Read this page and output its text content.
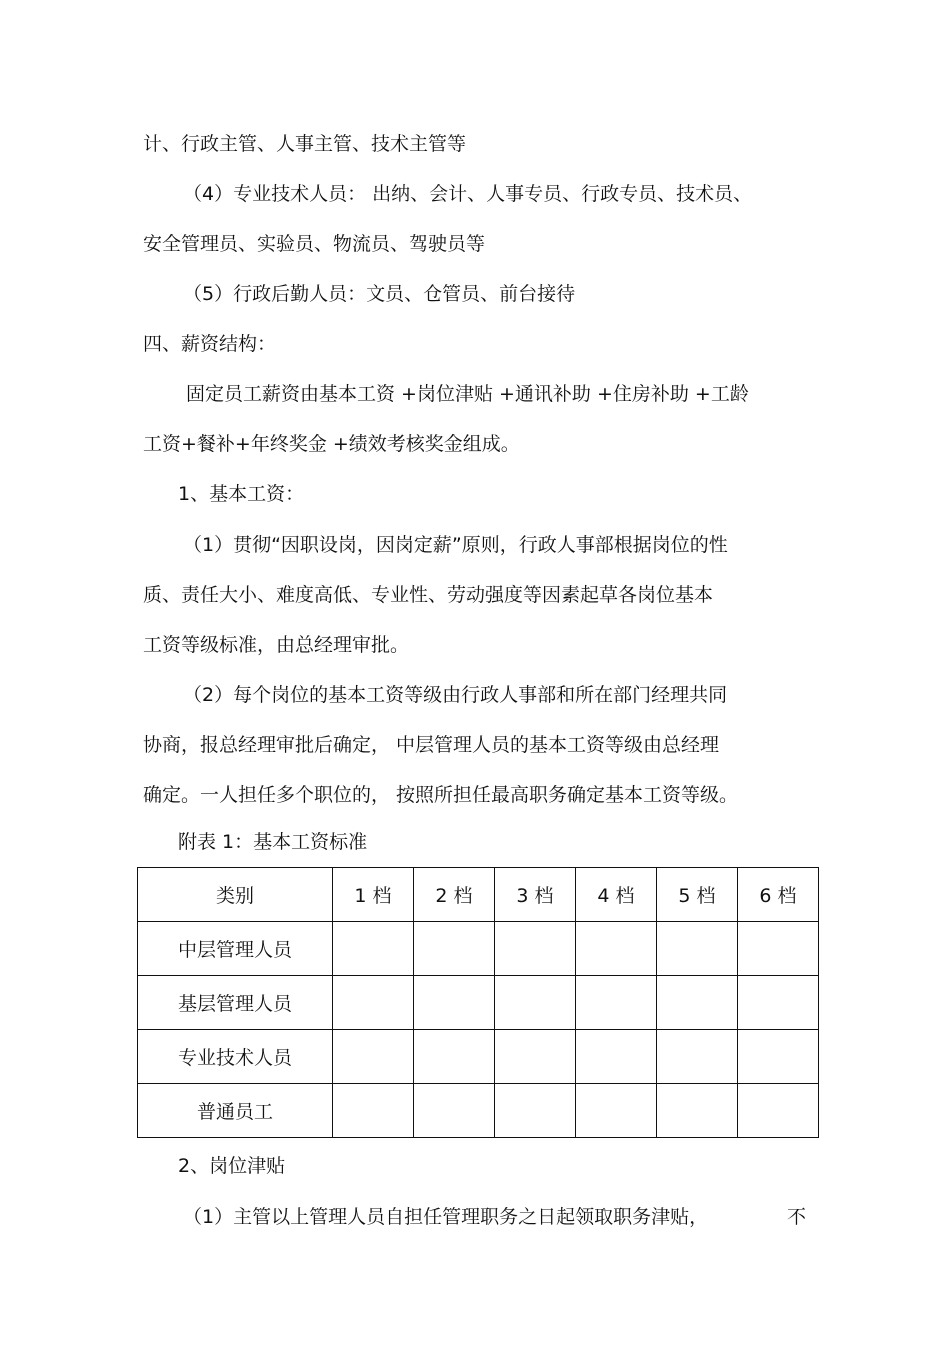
计、行政主管、人事主管、技术主管等
（4）专业技术人员： 出纳、会计、人事专员、行政专员、技术员、
安全管理员、实验员、物流员、驾驶员等
（5）行政后勤人员：文员、仓管员、前台接待
四、薪资结构：
固定员工薪资由基本工资 +岗位津贴 +通讯补助 +住房补助 +工龄
工资+餐补+年终奖金 +绩效考核奖金组成。
1、基本工资：
（1）贯彻“因职设岗，因岗定薪”原则，行政人事部根据岗位的性
质、责任大小、难度高低、专业性、劳动强度等因素起草各岗位基本
工资等级标准，由总经理审批。
（2）每个岗位的基本工资等级由行政人事部和所在部门经理共同
协商，报总经理审批后确定， 中层管理人员的基本工资等级由总经理
确定。一人担任多个职位的， 按照所担任最高职务确定基本工资等级。
附表 1：基本工资标准
类别	1 档	2 档	3 档	4 档	5 档	6 档
中层管理人员						
基层管理人员						
专业技术人员						
普通员工						
2、岗位津贴
（1）主管以上管理人员自担任管理职务之日起领取职务津贴，	不
